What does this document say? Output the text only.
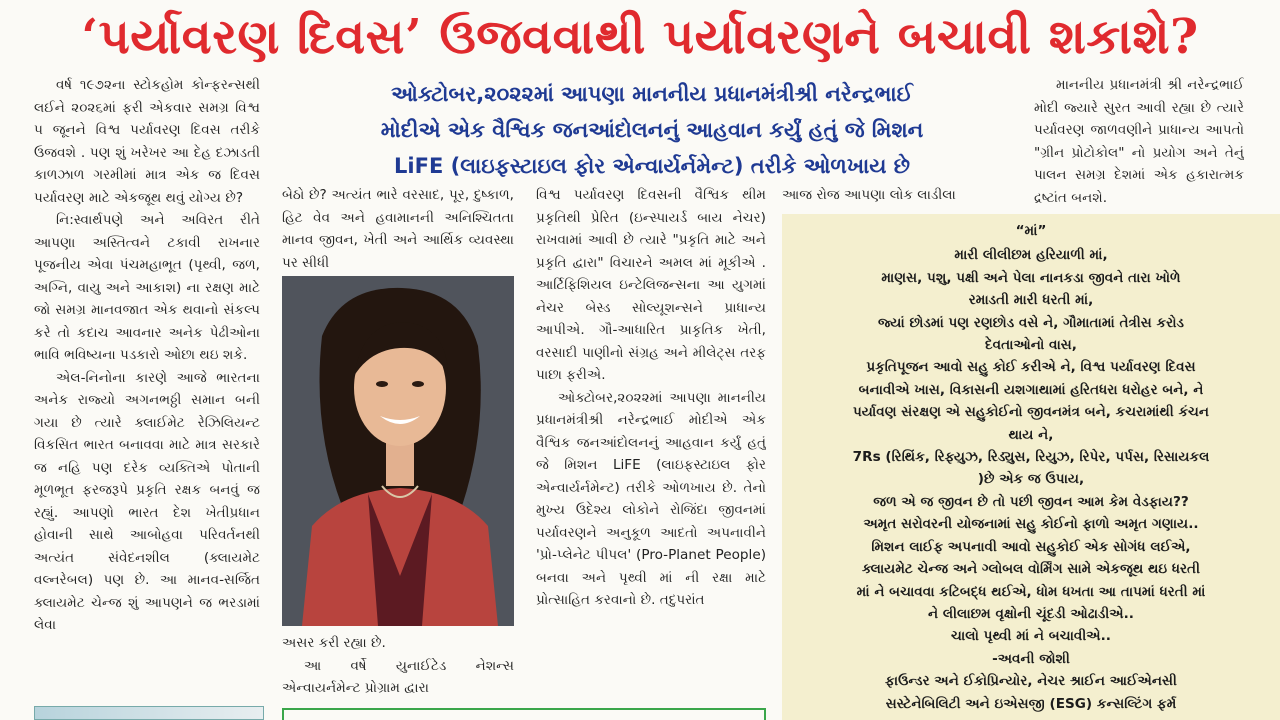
‘પર્યાવરણ દિવસ’ ઉજવવાથી પર્યાવરણને બચાવી શકાશે?

વર્ષ ૧૯૭૨ના સ્ટોકહોમ કોન્ફરન્સથી લઈને ૨૦૨૬માં ફરી એકવાર સમગ્ર વિશ્વ ૫ જૂનને વિશ્વ પર્યાવરણ દિવસ તરીકે ઉજવશે . પણ શું ખરેખર આ દેહ દઝાડતી કાળઝાળ ગરમીમાં માત્ર એક જ દિવસ પર્યાવરણ માટે એકજૂથ થવું યોગ્ય છે?

નિ:સ્વાર્થપણે અને અવિરત રીતે આપણા અસ્તિત્વને ટકાવી રાખનાર પૂજનીય એવા પંચમહાભૂત (પૃથ્વી, જળ, અગ્નિ, વાયુ અને આકાશ) ના રક્ષણ માટે જો સમગ્ર માનવજાત એક થવાનો સંકલ્પ કરે તો કદાચ આવનાર અનેક પેઢીઓના ભાવિ ભવિષ્યના પડકારો ઓછા થઇ શકે.

એલ-નિનોના કારણે આજે ભારતના અનેક રાજ્યો અગનભઠ્ઠી સમાન બની ગયા છે ત્યારે ક્લાઈમેટ રેઝિલિયન્ટ વિકસિત ભારત બનાવવા માટે માત્ર સરકારે જ નહિ પણ દરેક વ્યક્તિએ પોતાની મૂળભૂત ફરજરૂપે પ્રકૃતિ રક્ષક બનવું જ રહ્યું. આપણો ભારત દેશ ખેતીપ્રધાન હોવાની સાથે આબોહવા પરિવર્તનથી અત્યંત સંવેદનશીલ (ક્લાયમેટ વલ્નરેબલ) પણ છે. આ માનવ-સર્જિત ક્લાયમેટ ચેન્જ શું આપણને જ ભરડામાં લેવા

ઓક્ટોબર,૨૦૨૨માં આપણા માનનીય પ્રધાનમંત્રીશ્રી નરેન્દ્રભાઈ
મોદીએ એક વૈશ્વિક જનઆંદોલનનું આહવાન કર્યું હતું જે મિશન
LiFE (લાઇફસ્ટાઇલ ફોર એન્વાર્યર્નમેન્ટ) તરીકે ઓળખાય છે

બેઠો છે? અત્યંત ભારે વરસાદ, પૂર, દુષ્કાળ, હિટ વેવ અને હવામાનની અનિશ્ચિતતા માનવ જીવન, ખેતી અને આર્થિક વ્યવસ્થા પર સીધી

અસર કરી રહ્યા છે.

આ વર્ષે યુનાઈટેડ નેશન્સ એન્વાયર્નમેન્ટ પ્રોગ્રામ દ્વારા

વિશ્વ પર્યાવરણ દિવસની વૈશ્વિક થીમ પ્રકૃતિથી પ્રેરિત (ઇન્સ્પાયર્ડ બાય નેચર) રાખવામાં આવી છે ત્યારે "પ્રકૃતિ માટે અને પ્રકૃતિ દ્વારા" વિચારને અમલ માં મૂકીએ . આર્ટિફિશિયલ ઇન્ટેલિજન્સના આ યુગમાં નેચર બેસ્ડ સોલ્યૂશન્સને પ્રાધાન્ય આપીએ. ગૌ-આધારિત પ્રાકૃતિક ખેતી, વરસાદી પાણીનો સંગ્રહ અને મીલેટ્સ તરફ પાછા ફરીએ.

ઓક્ટોબર,૨૦૨૨માં આપણા માનનીય પ્રધાનમંત્રીશ્રી નરેન્દ્રભાઈ મોદીએ એક વૈશ્વિક જનઆંદોલનનું આહવાન કર્યું હતું જે મિશન LiFE (લાઇફસ્ટાઇલ ફોર એન્વાર્યર્નમેન્ટ) તરીકે ઓળખાય છે. તેનો મુખ્ય ઉદેશ્ય લોકોને રોજિંદા જીવનમાં પર્યાવરણને અનુકૂળ આદતો અપનાવીને 'પ્રો-પ્લેનેટ પીપલ' (Pro-Planet People) બનવા અને પૃથ્વી માં ની રક્ષા માટે પ્રોત્સાહિત કરવાનો છે. તદુપરાંત

આજ રોજ આપણા લોક લાડીલા

માનનીય પ્રધાનમંત્રી શ્રી નરેન્દ્રભાઈ મોદી જ્યારે સુરત આવી રહ્યા છે ત્યારે પર્યાવરણ જાળવણીને પ્રાધાન્ય આપતો "ગ્રીન પ્રોટોકોલ" નો પ્રયોગ અને તેનું પાલન સમગ્ર દેશમાં એક હકારાત્મક દ્રષ્ટાંત બનશે.

“માં”
મારી લીલીછમ હરિયાળી માં,
માણસ, પશુ, પક્ષી અને પેલા નાનકડા જીવને તારા ખોળે
રમાડતી મારી ધરતી માં,
જ્યાં છોડમાં પણ રણછોડ વસે ને, ગૌમાતામાં તેત્રીસ કરોડ
દેવતાઓનો વાસ,
પ્રકૃતિપૂજન આવો સહુ કોઈ કરીએ ને, વિશ્વ પર્યાવરણ દિવસ
બનાવીએ ખાસ, વિકાસની યશગાથામાં હરિતધરા ધરોહર બને, ને
પર્યાવણ સંરક્ષણ એ સહુકોઈનો જીવનમંત્ર બને, કચરામાંથી કંચન
થાય ને,
7Rs (રિથિંક, રિફ્યુઝ, રિડ્યુસ, રિયુઝ, રિપેર, પર્પસ, રિસાયકલ
)છે એક જ ઉપાય,
જળ એ જ જીવન છે તો પછી જીવન આમ કેમ વેડફાય??
અમૃત સરોવરની યોજનામાં સહુ કોઈનો ફાળો અમૃત ગણાય..
મિશન લાઈફ અપનાવી આવો સહુકોઈ એક સોગંધ લઈએ,
ક્લાયમેટ ચેન્જ અને ગ્લોબલ વોર્મિંગ સામે એકજૂથ થઇ ધરતી
માં ને બચાવવા કટિબદ્ધ થઈએ, ધોમ ધખતા આ તાપમાં ધરતી માં
ને લીલાછમ વૃક્ષોની ચૂંદડી ઓઢાડીએ..
ચાલો પૃથ્વી માં ને બચાવીએ..
-અવની જોશી
ફાઉન્ડર અને ઈકોપ્રિન્યોર, નેચર શ્રાઈન આઈએનસી
સસ્ટેનેબિલિટી અને ઇએસજી (ESG) કન્સલ્ટિંગ ફર્મ
